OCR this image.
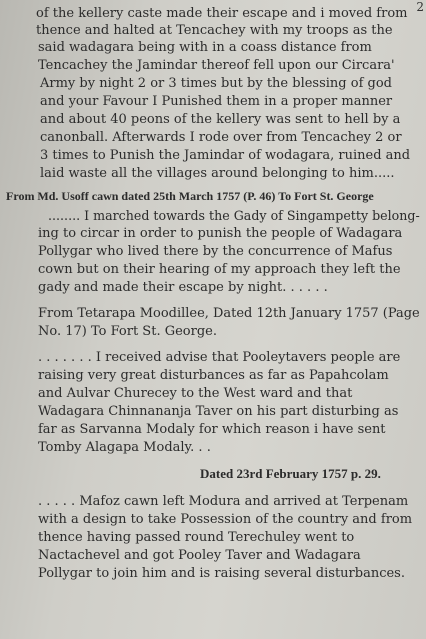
2
of the kellery caste made their escape and i moved from
thence and halted at Tencachey with my troops as the
said wadagara being with in a coass distance from
Tencachey the Jamindar thereof fell upon our Circara'
Army by night 2 or 3 times but by the blessing of god
and your Favour I Punished them in a proper manner
and about 40 peons of the kellery was sent to hell by a
canonball. Afterwards I rode over from Tencachey 2 or
3 times to Punish the Jamindar of wodagara, ruined and
laid waste all the villages around belonging to him.....
From Md. Usoff cawn dated 25th March 1757 (P. 46) To Fort St. George
........ I marched towards the Gady of Singampetty belong-
ing to circar in order to punish the people of Wadagara
Pollygar who lived there by the concurrence of Mafus
cown but on their hearing of my approach they left the
gady and made their escape by night. . . . . .
From Tetarapa Moodillee, Dated 12th January 1757 (Page
No. 17) To Fort St. George.
. . . . . . . I received advise that Pooleytavers people are
raising very great disturbances as far as Papahcolam
and Aulvar Churecey to the West ward and that
Wadagara Chinnananja Taver on his part disturbing as
far as Sarvanna Modaly for which reason i have sent
Tomby Alagapa Modaly. . .
Dated 23rd February 1757 p. 29.
. . . . . Mafoz cawn left Modura and arrived at Terpenam
with a design to take Possession of the country and from
thence having passed round Terechuley went to
Nactachevel and got Pooley Taver and Wadagara
Pollygar to join him and is raising several disturbances.
